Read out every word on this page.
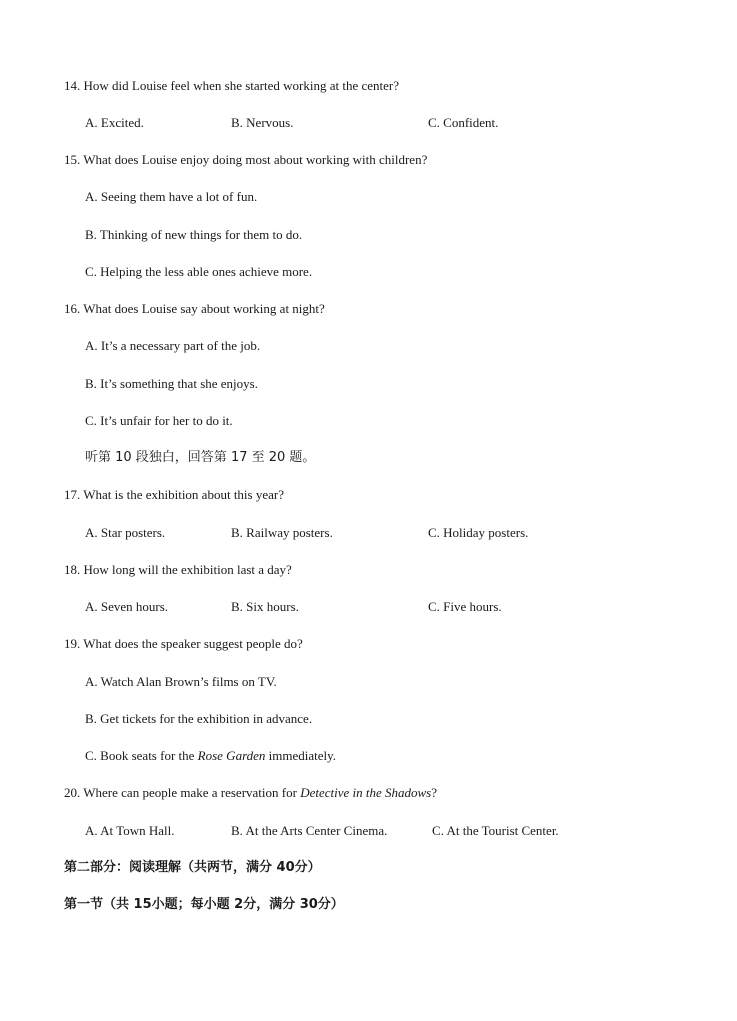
14. How did Louise feel when she started working at the center?
A. Excited.	B. Nervous.	C. Confident.
15. What does Louise enjoy doing most about working with children?
A. Seeing them have a lot of fun.
B. Thinking of new things for them to do.
C. Helping the less able ones achieve more.
16. What does Louise say about working at night?
A. It’s a necessary part of the job.
B. It’s something that she enjoys.
C. It’s unfair for her to do it.
听第 10 段独白，回答第 17 至 20 题。
17. What is the exhibition about this year?
A. Star posters.	B. Railway posters.	C. Holiday posters.
18. How long will the exhibition last a day?
A. Seven hours.	B. Six hours.	C. Five hours.
19. What does the speaker suggest people do?
A. Watch Alan Brown’s films on TV.
B. Get tickets for the exhibition in advance.
C. Book seats for the Rose Garden immediately.
20. Where can people make a reservation for Detective in the Shadows?
A. At Town Hall.	B. At the Arts Center Cinema.	C. At the Tourist Center.
第二部分：阅读理解（共两节，满分 40分）
第一节（共 15小题；每小题 2分，满分 30分）
